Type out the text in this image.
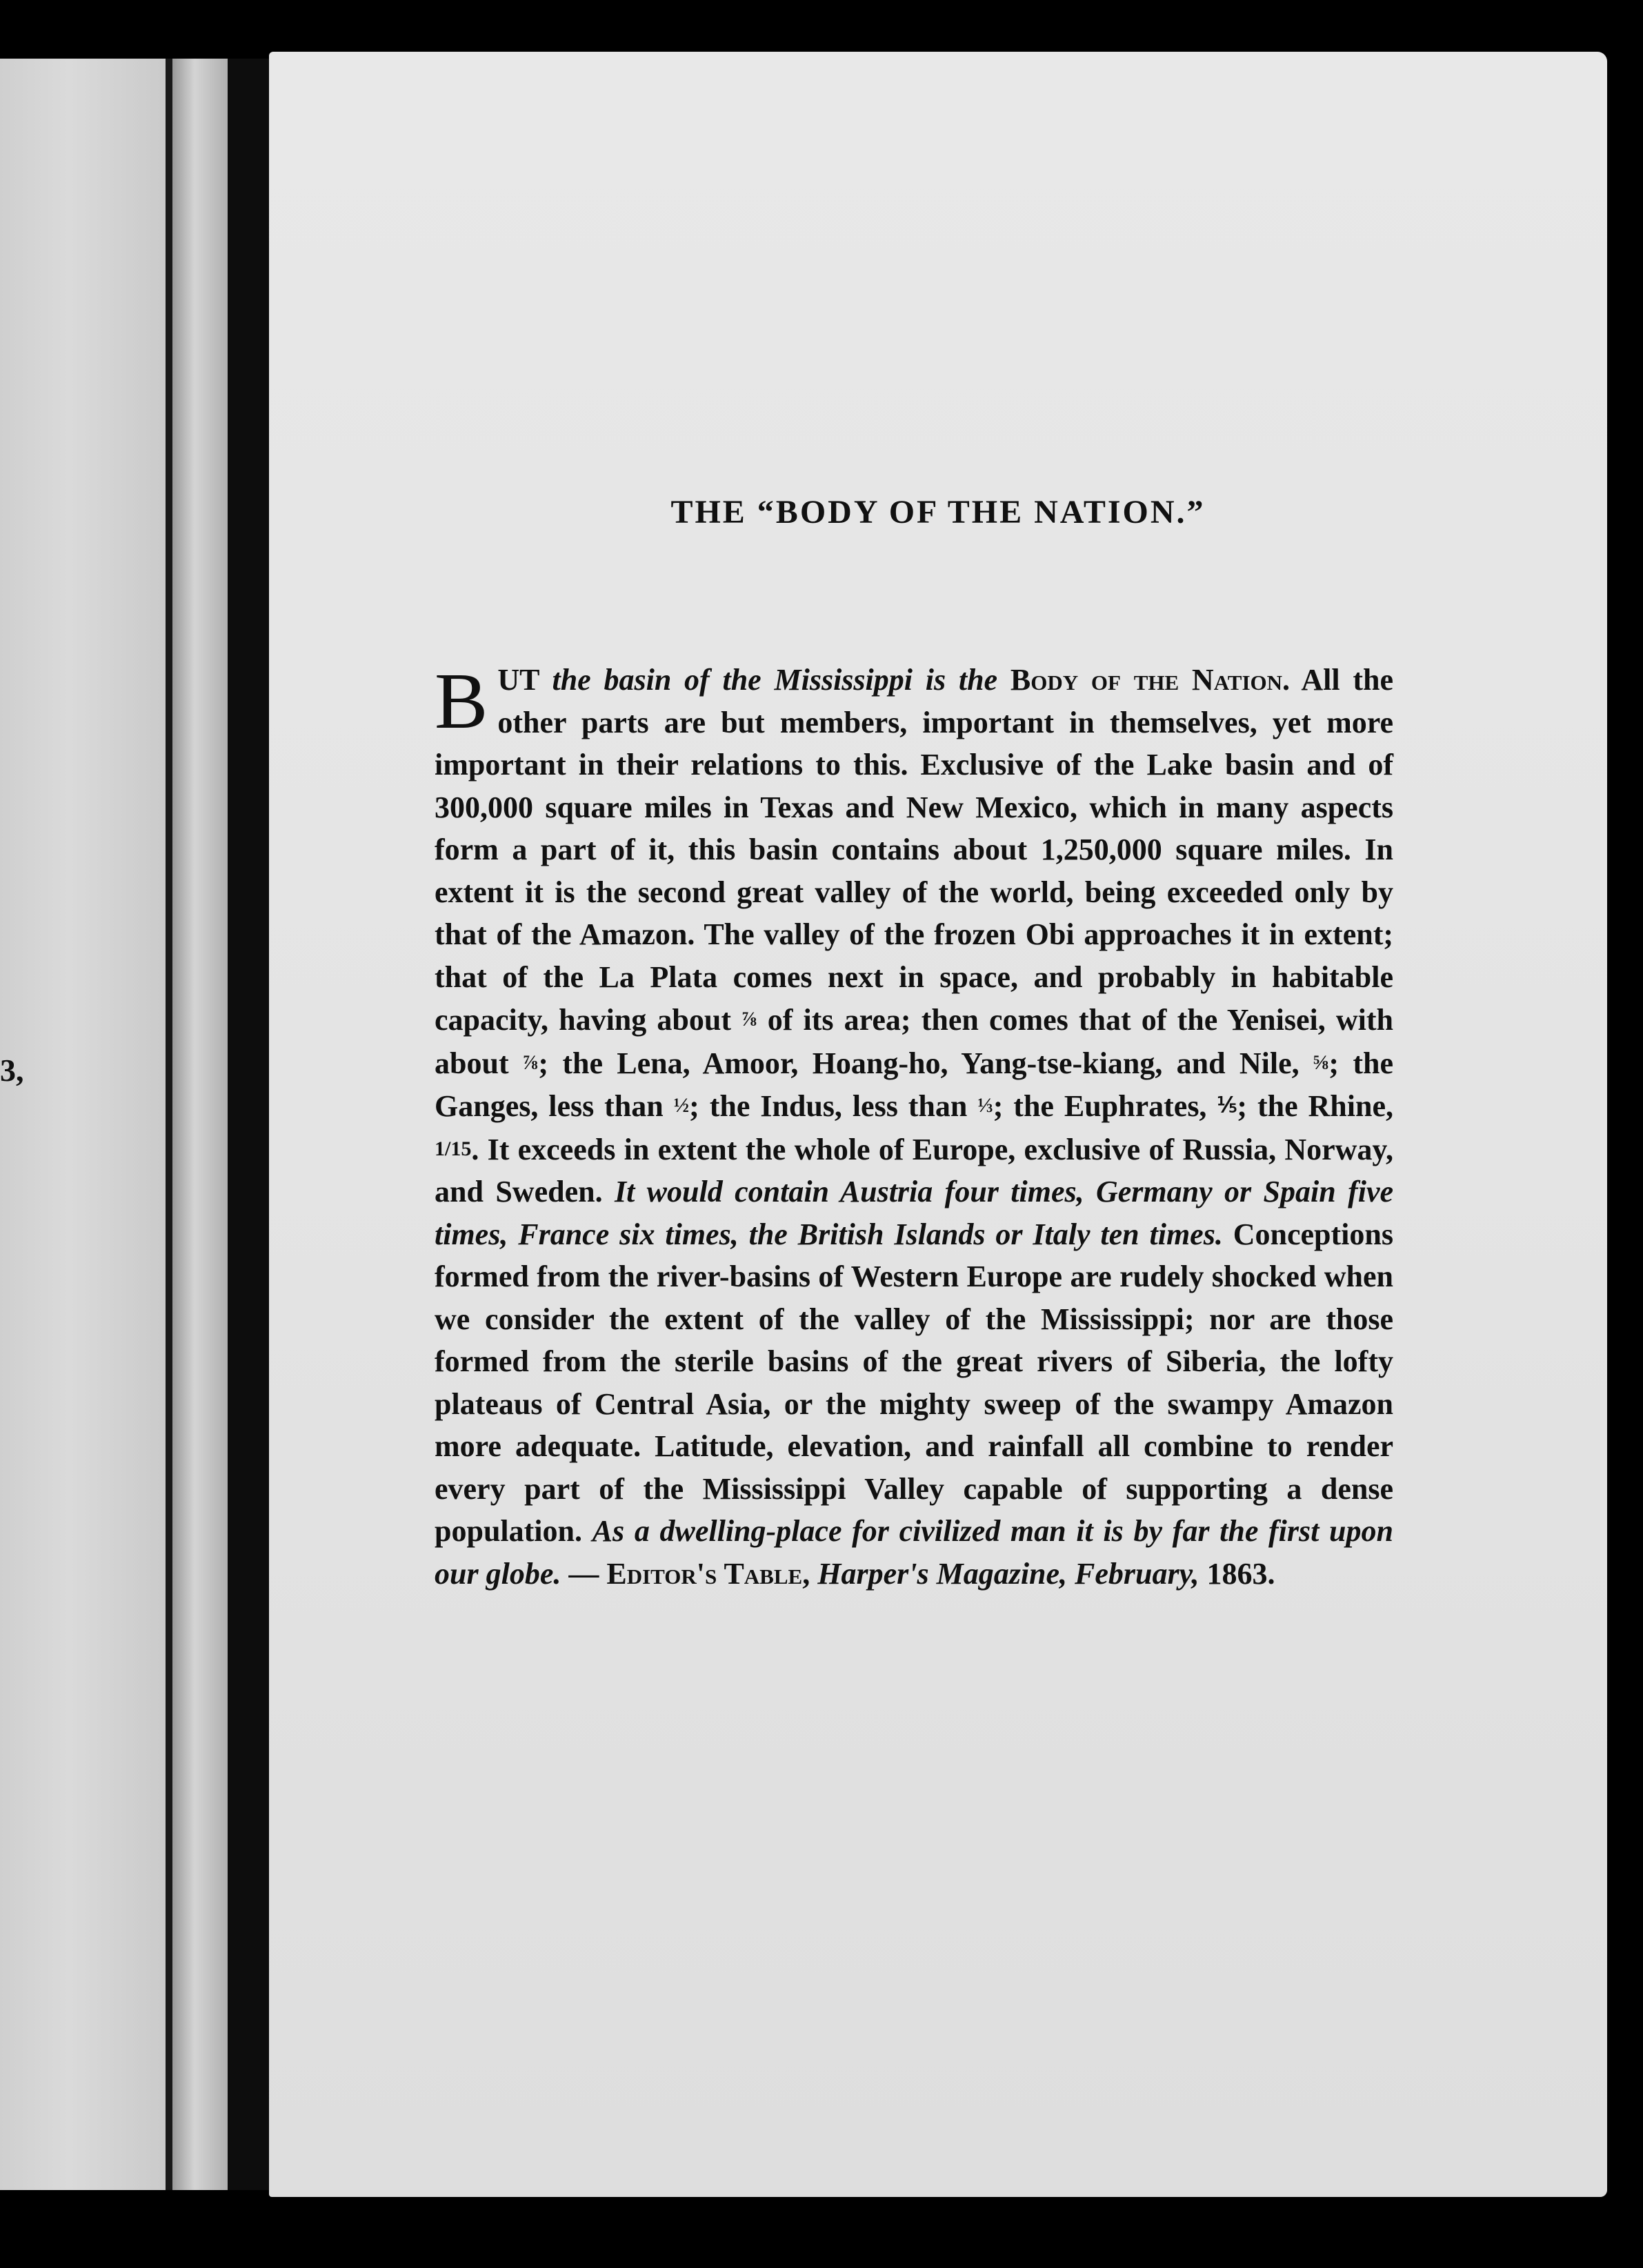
3,
THE “BODY OF THE NATION.”

BUT the basin of the Mississippi is the Body of the Nation. All the other parts are but members, important in themselves, yet more important in their relations to this. Exclusive of the Lake basin and of 300,000 square miles in Texas and New Mexico, which in many aspects form a part of it, this basin contains about 1,250,000 square miles. In extent it is the second great valley of the world, being exceeded only by that of the Amazon. The valley of the frozen Obi approaches it in extent; that of the La Plata comes next in space, and probably in habitable capacity, having about ⅞ of its area; then comes that of the Yenisei, with about ⅞; the Lena, Amoor, Hoang-ho, Yang-tse-kiang, and Nile, ⅝; the Ganges, less than ½; the Indus, less than ⅓; the Euphrates, ⅕; the Rhine, 1/15. It exceeds in extent the whole of Europe, exclusive of Russia, Norway, and Sweden. It would contain Austria four times, Germany or Spain five times, France six times, the British Islands or Italy ten times. Conceptions formed from the river-basins of Western Europe are rudely shocked when we consider the extent of the valley of the Mississippi; nor are those formed from the sterile basins of the great rivers of Siberia, the lofty plateaus of Central Asia, or the mighty sweep of the swampy Amazon more adequate. Latitude, elevation, and rainfall all combine to render every part of the Mississippi Valley capable of supporting a dense population. As a dwelling-place for civilized man it is by far the first upon our globe. — Editor's Table, Harper's Magazine, February, 1863.
